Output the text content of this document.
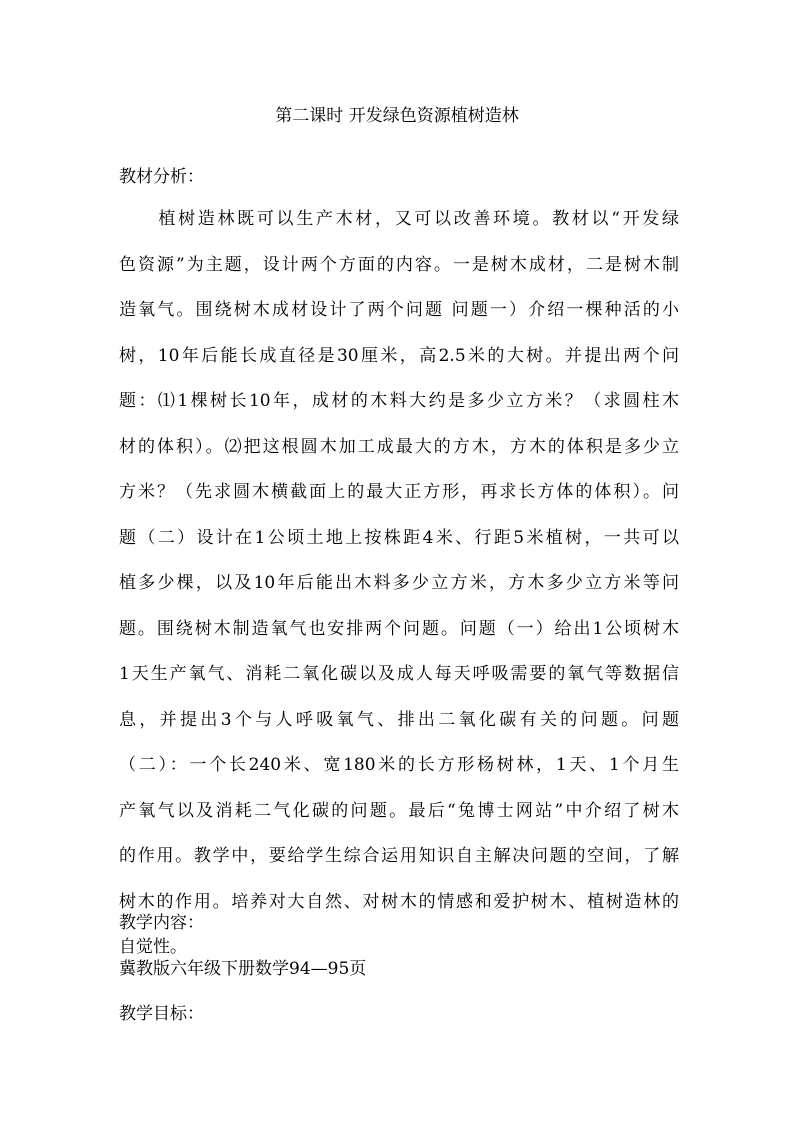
第二课时 开发绿色资源植树造林
教材分析：
　　植树造林既可以生产木材，又可以改善环境。教材以“开发绿
色资源”为主题，设计两个方面的内容。一是树木成材，二是树木制
造氧气。围绕树木成材设计了两个问题 问题一）介绍一棵种活的小
树，10年后能长成直径是30厘米，高2.5米的大树。并提出两个问
题：⑴1棵树长10年，成材的木料大约是多少立方米？（求圆柱木
材的体积）。⑵把这根圆木加工成最大的方木，方木的体积是多少立
方米？（先求圆木横截面上的最大正方形，再求长方体的体积）。问
题（二）设计在1公顷土地上按株距4米、行距5米植树，一共可以
植多少棵，以及10年后能出木料多少立方米，方木多少立方米等问
题。围绕树木制造氧气也安排两个问题。问题（一）给出1公顷树木
1天生产氧气、消耗二氧化碳以及成人每天呼吸需要的氧气等数据信
息，并提出3个与人呼吸氧气、排出二氧化碳有关的问题。问题
（二）：一个长240米、宽180米的长方形杨树林，1天、1个月生
产氧气以及消耗二气化碳的问题。最后“兔博士网站”中介绍了树木
的作用。教学中，要给学生综合运用知识自主解决问题的空间，了解
树木的作用。培养对大自然、对树木的情感和爱护树木、植树造林的
自觉性。
教学内容：
冀教版六年级下册数学94—95页
教学目标：
